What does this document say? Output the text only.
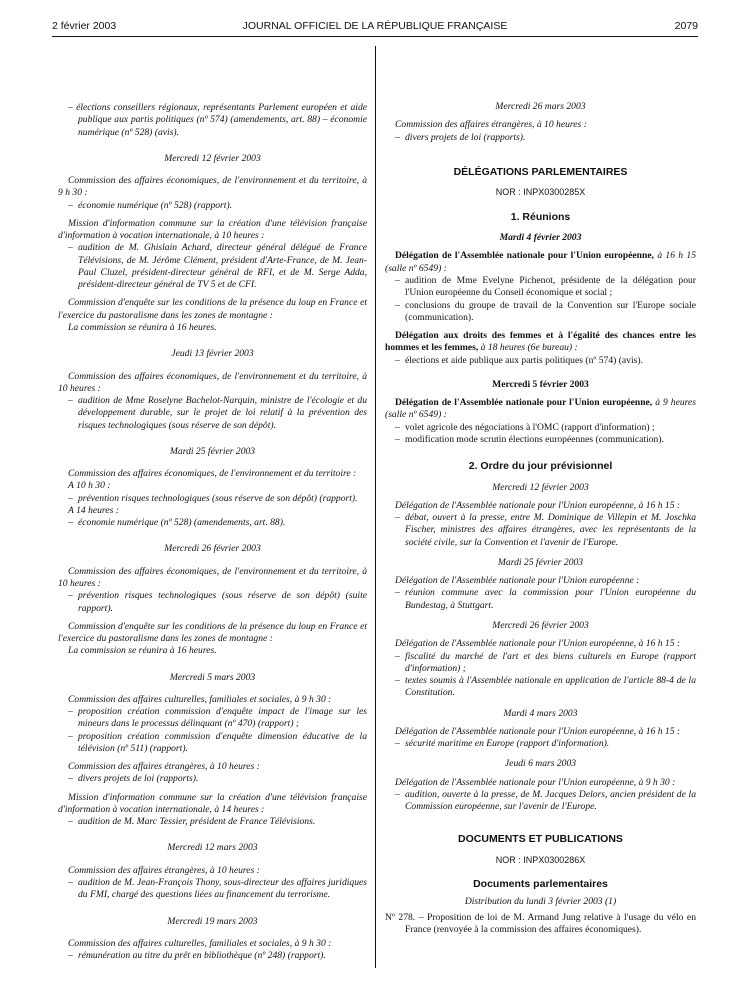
2 février 2003	JOURNAL OFFICIEL DE LA RÉPUBLIQUE FRANÇAISE	2079

– élections conseillers régionaux, représentants Parlement européen et aide publique aux partis politiques (nº 574) (amendements, art. 88) – économie numérique (nº 528) (avis).

Mercredi 12 février 2003

Commission des affaires économiques, de l'environnement et du territoire, à 9 h 30 :

– économie numérique (nº 528) (rapport).

Mission d'information commune sur la création d'une télévision française d'information à vocation internationale, à 10 heures :

– audition de M. Ghislain Achard, directeur général délégué de France Télévisions, de M. Jérôme Clément, président d'Arte-France, de M. Jean-Paul Cluzel, président-directeur général de RFI, et de M. Serge Adda, président-directeur général de TV 5 et de CFI.

Commission d'enquête sur les conditions de la présence du loup en France et l'exercice du pastoralisme dans les zones de montagne :

La commission se réunira à 16 heures.

Jeudi 13 février 2003

Commission des affaires économiques, de l'environnement et du territoire, à 10 heures :

– audition de Mme Roselyne Bachelot-Narquin, ministre de l'écologie et du développement durable, sur le projet de loi relatif à la prévention des risques technologiques (sous réserve de son dépôt).
Mardi 25 février 2003

Commission des affaires économiques, de l'environnement et du territoire :

A 10 h 30 :

– prévention risques technologiques (sous réserve de son dépôt) (rapport).

A 14 heures :

– économie numérique (nº 528) (amendements, art. 88).
Mercredi 26 février 2003

Commission des affaires économiques, de l'environnement et du territoire, à 10 heures :

– prévention risques technologiques (sous réserve de son dépôt) (suite rapport).

Commission d'enquête sur les conditions de la présence du loup en France et l'exercice du pastoralisme dans les zones de montagne :

La commission se réunira à 16 heures.

Mercredi 5 mars 2003

Commission des affaires culturelles, familiales et sociales, à 9 h 30 :

– proposition création commission d'enquête impact de l'image sur les mineurs dans le processus délinquant (nº 470) (rapport) ;
– proposition création commission d'enquête dimension éducative de la télévision (nº 511) (rapport).

Commission des affaires étrangères, à 10 heures :

– divers projets de loi (rapports).

Mission d'information commune sur la création d'une télévision française d'information à vocation internationale, à 14 heures :

– audition de M. Marc Tessier, président de France Télévisions.
Mercredi 12 mars 2003

Commission des affaires étrangères, à 10 heures :

– audition de M. Jean-François Thony, sous-directeur des affaires juridiques du FMI, chargé des questions liées au financement du terrorisme.
Mercredi 19 mars 2003

Commission des affaires culturelles, familiales et sociales, à 9 h 30 :

– rémunération au titre du prêt en bibliothèque (nº 248) (rapport).
Mercredi 26 mars 2003

Commission des affaires étrangères, à 10 heures :

– divers projets de loi (rapports).
DÉLÉGATIONS PARLEMENTAIRES
NOR : INPX0300285X
1. Réunions
Mardi 4 février 2003

Délégation de l'Assemblée nationale pour l'Union européenne, à 16 h 15 (salle nº 6549) :

– audition de Mme Evelyne Pichenot, présidente de la délégation pour l'Union européenne du Conseil économique et social ;
– conclusions du groupe de travail de la Convention sur l'Europe sociale (communication).

Délégation aux droits des femmes et à l'égalité des chances entre les hommes et les femmes, à 18 heures (6e bureau) :

– élections et aide publique aux partis politiques (nº 574) (avis).
Mercredi 5 février 2003

Délégation de l'Assemblée nationale pour l'Union européenne, à 9 heures (salle nº 6549) :

– volet agricole des négociations à l'OMC (rapport d'information) ;
– modification mode scrutin élections européennes (communication).
2. Ordre du jour prévisionnel
Mercredi 12 février 2003

Délégation de l'Assemblée nationale pour l'Union européenne, à 16 h 15 :

– débat, ouvert à la presse, entre M. Dominique de Villepin et M. Joschka Fischer, ministres des affaires étrangères, avec les représentants de la société civile, sur la Convention et l'avenir de l'Europe.
Mardi 25 février 2003

Délégation de l'Assemblée nationale pour l'Union européenne :

– réunion commune avec la commission pour l'Union européenne du Bundestag, à Stuttgart.
Mercredi 26 février 2003

Délégation de l'Assemblée nationale pour l'Union européenne, à 16 h 15 :

– fiscalité du marché de l'art et des biens culturels en Europe (rapport d'information) ;
– textes soumis à l'Assemblée nationale en application de l'article 88-4 de la Constitution.
Mardi 4 mars 2003

Délégation de l'Assemblée nationale pour l'Union européenne, à 16 h 15 :

– sécurité maritime en Europe (rapport d'information).
Jeudi 6 mars 2003

Délégation de l'Assemblée nationale pour l'Union européenne, à 9 h 30 :

– audition, ouverte à la presse, de M. Jacques Delors, ancien président de la Commission européenne, sur l'avenir de l'Europe.
DOCUMENTS ET PUBLICATIONS
NOR : INPX0300286X
Documents parlementaires
Distribution du lundi 3 février 2003 (1)

Nº 278. – Proposition de loi de M. Armand Jung relative à l'usage du vélo en France (renvoyée à la commission des affaires économiques).
